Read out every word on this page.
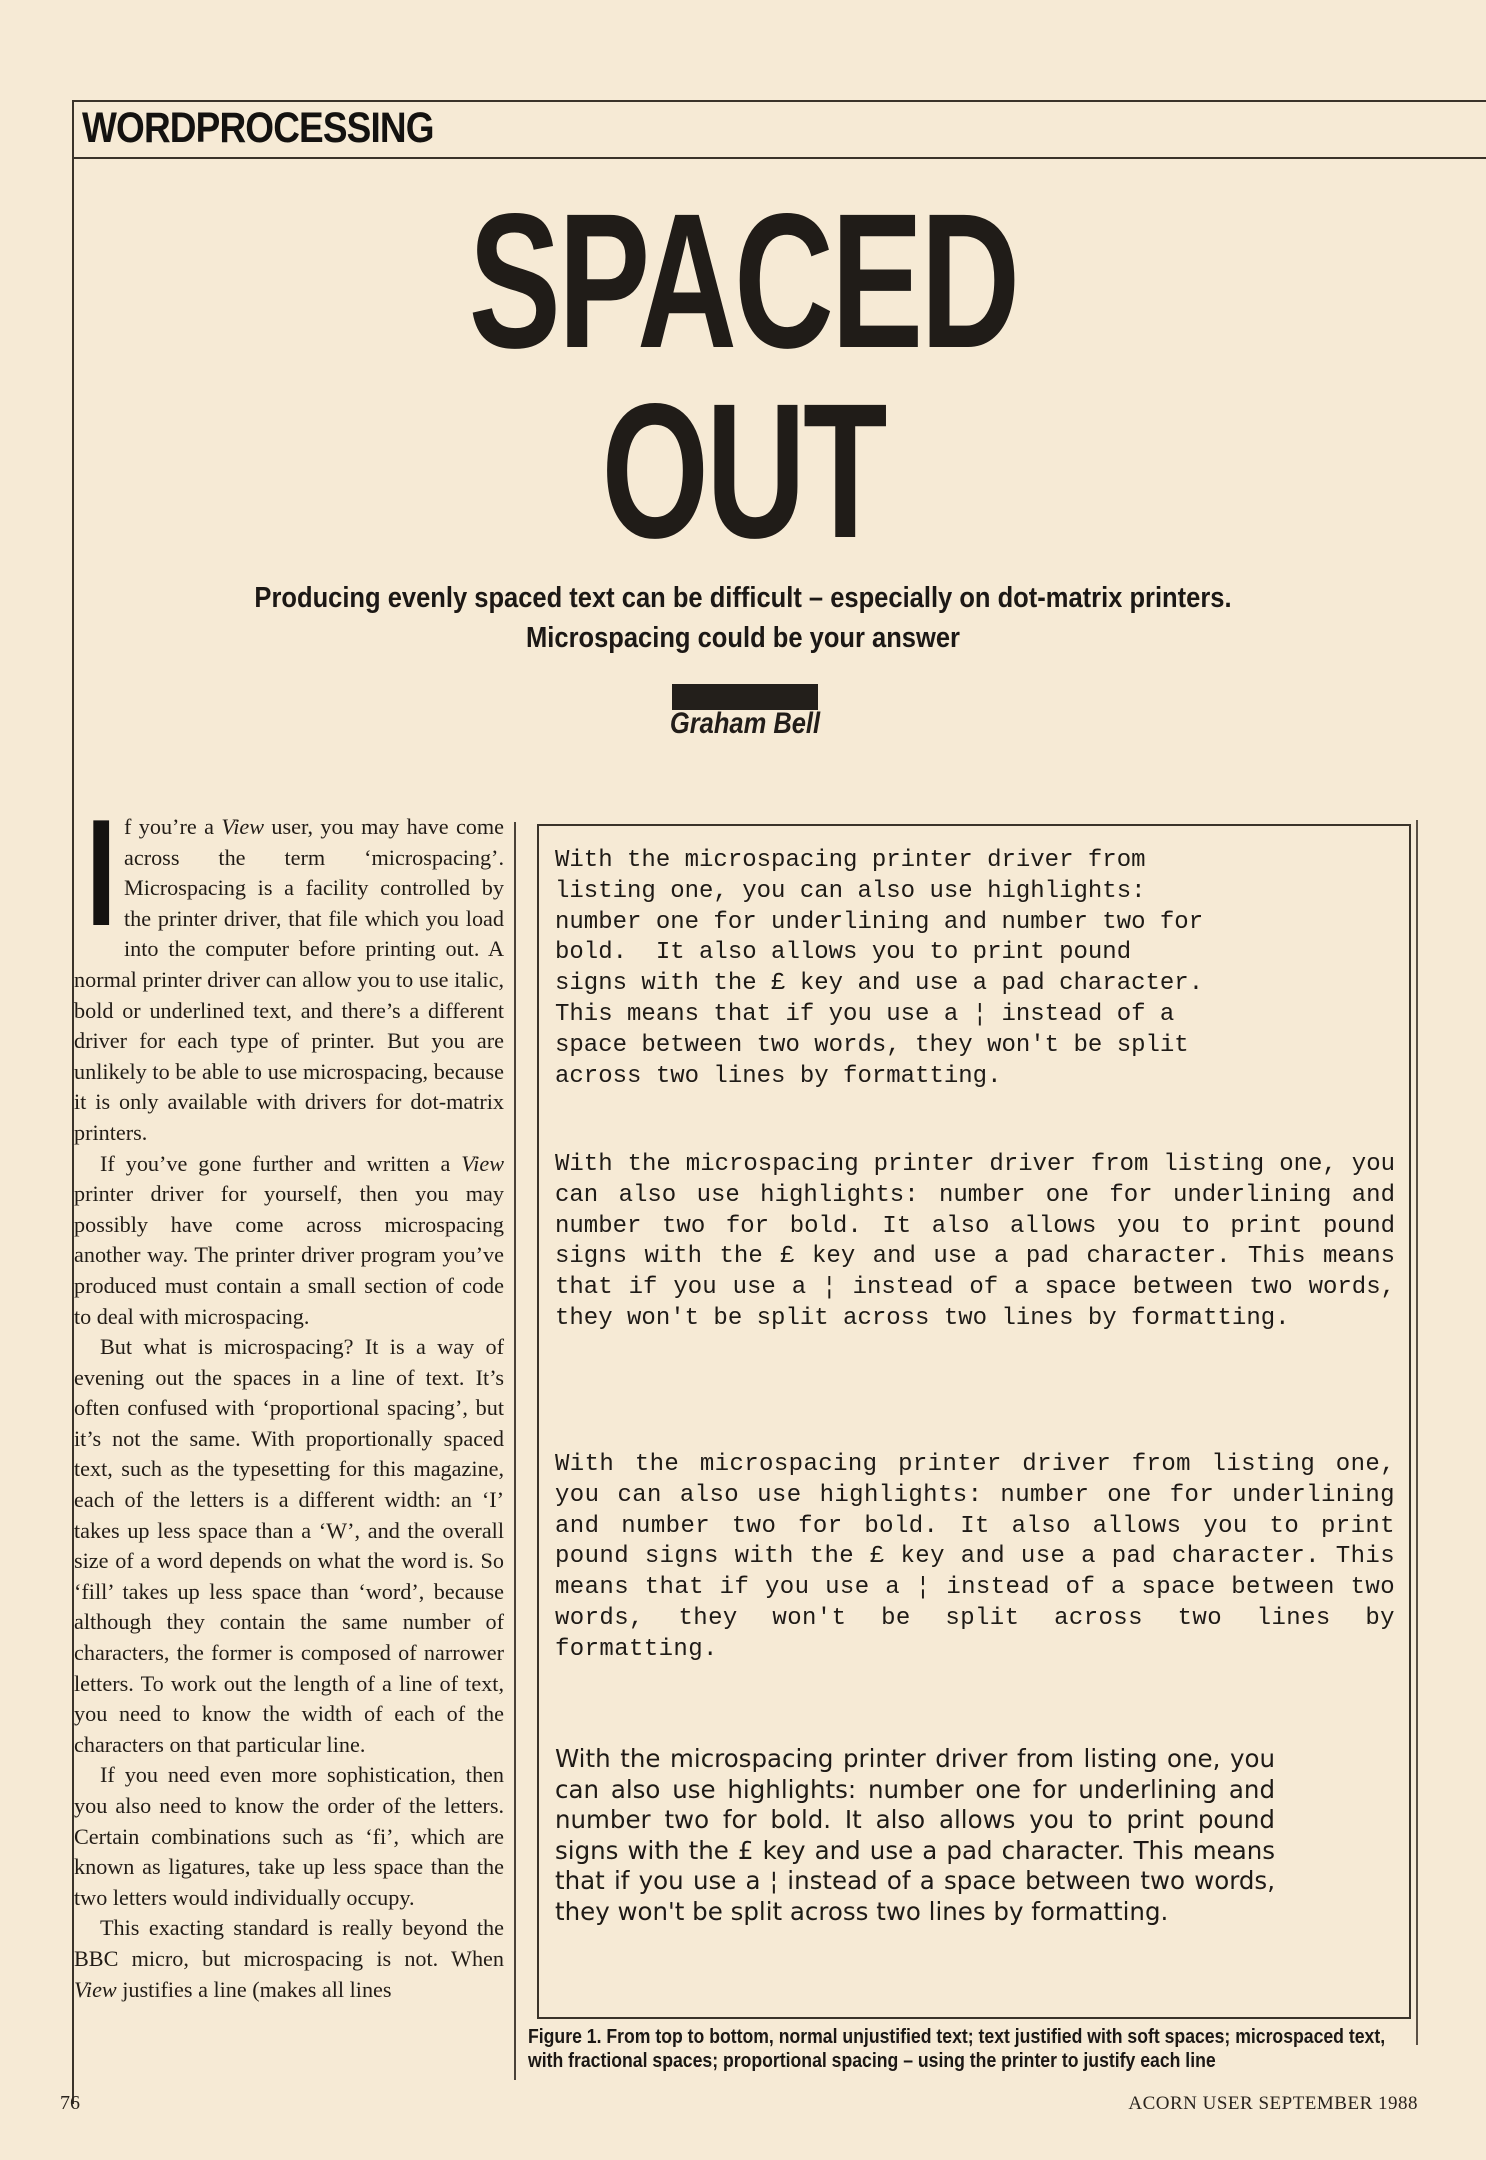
WORDPROCESSING
SPACED
OUT

Producing evenly spaced text can be difficult – especially on dot-matrix printers. Microspacing could be your answer

Graham Bell

If you’re a View user, you may have come across the term ‘microspacing’. Microspacing is a facility controlled by the printer driver, that file which you load into the computer before printing out. A normal printer driver can allow you to use italic, bold or underlined text, and there’s a different driver for each type of printer. But you are unlikely to be able to use microspacing, because it is only available with drivers for dot-matrix printers.

If you’ve gone further and written a View printer driver for yourself, then you may possibly have come across microspacing another way. The printer driver program you’ve produced must contain a small section of code to deal with microspacing.

But what is microspacing? It is a way of evening out the spaces in a line of text. It’s often confused with ‘proportional spacing’, but it’s not the same. With proportionally spaced text, such as the typesetting for this magazine, each of the letters is a different width: an ‘I’ takes up less space than a ‘W’, and the overall size of a word depends on what the word is. So ‘fill’ takes up less space than ‘word’, because although they contain the same number of characters, the former is composed of narrower letters. To work out the length of a line of text, you need to know the width of each of the characters on that particular line.

If you need even more sophistication, then you also need to know the order of the letters. Certain combinations such as ‘fi’, which are known as ligatures, take up less space than the two letters would individually occupy.

This exacting standard is really beyond the BBC micro, but microspacing is not. When View justifies a line (makes all lines

With the microspacing printer driver from
listing one, you can also use highlights:
number one for underlining and number two for
bold.  It also allows you to print pound
signs with the £ key and use a pad character.
This means that if you use a ¦ instead of a
space between two words, they won't be split
across two lines by formatting.

With the microspacing printer driver from listing one, you can also use highlights: number one for underlining and number two for bold. It also allows you to print pound signs with the £ key and use a pad character. This means that if you use a ¦ instead of a space between two words, they won't be split across two lines by formatting.

With the microspacing printer driver from listing one, you can also use highlights: number one for underlining and number two for bold. It also allows you to print pound signs with the £ key and use a pad character. This means that if you use a ¦ instead of a space between two words, they won't be split across two lines by formatting.

With the microspacing printer driver from listing one, you can also use highlights: number one for underlining and number two for bold. It also allows you to print pound signs with the £ key and use a pad character. This means that if you use a ¦ instead of a space between two words, they won't be split across two lines by formatting.

Figure 1. From top to bottom, normal unjustified text; text justified with soft spaces; microspaced text, with fractional spaces; proportional spacing – using the printer to justify each line

76	ACORN USER SEPTEMBER 1988
